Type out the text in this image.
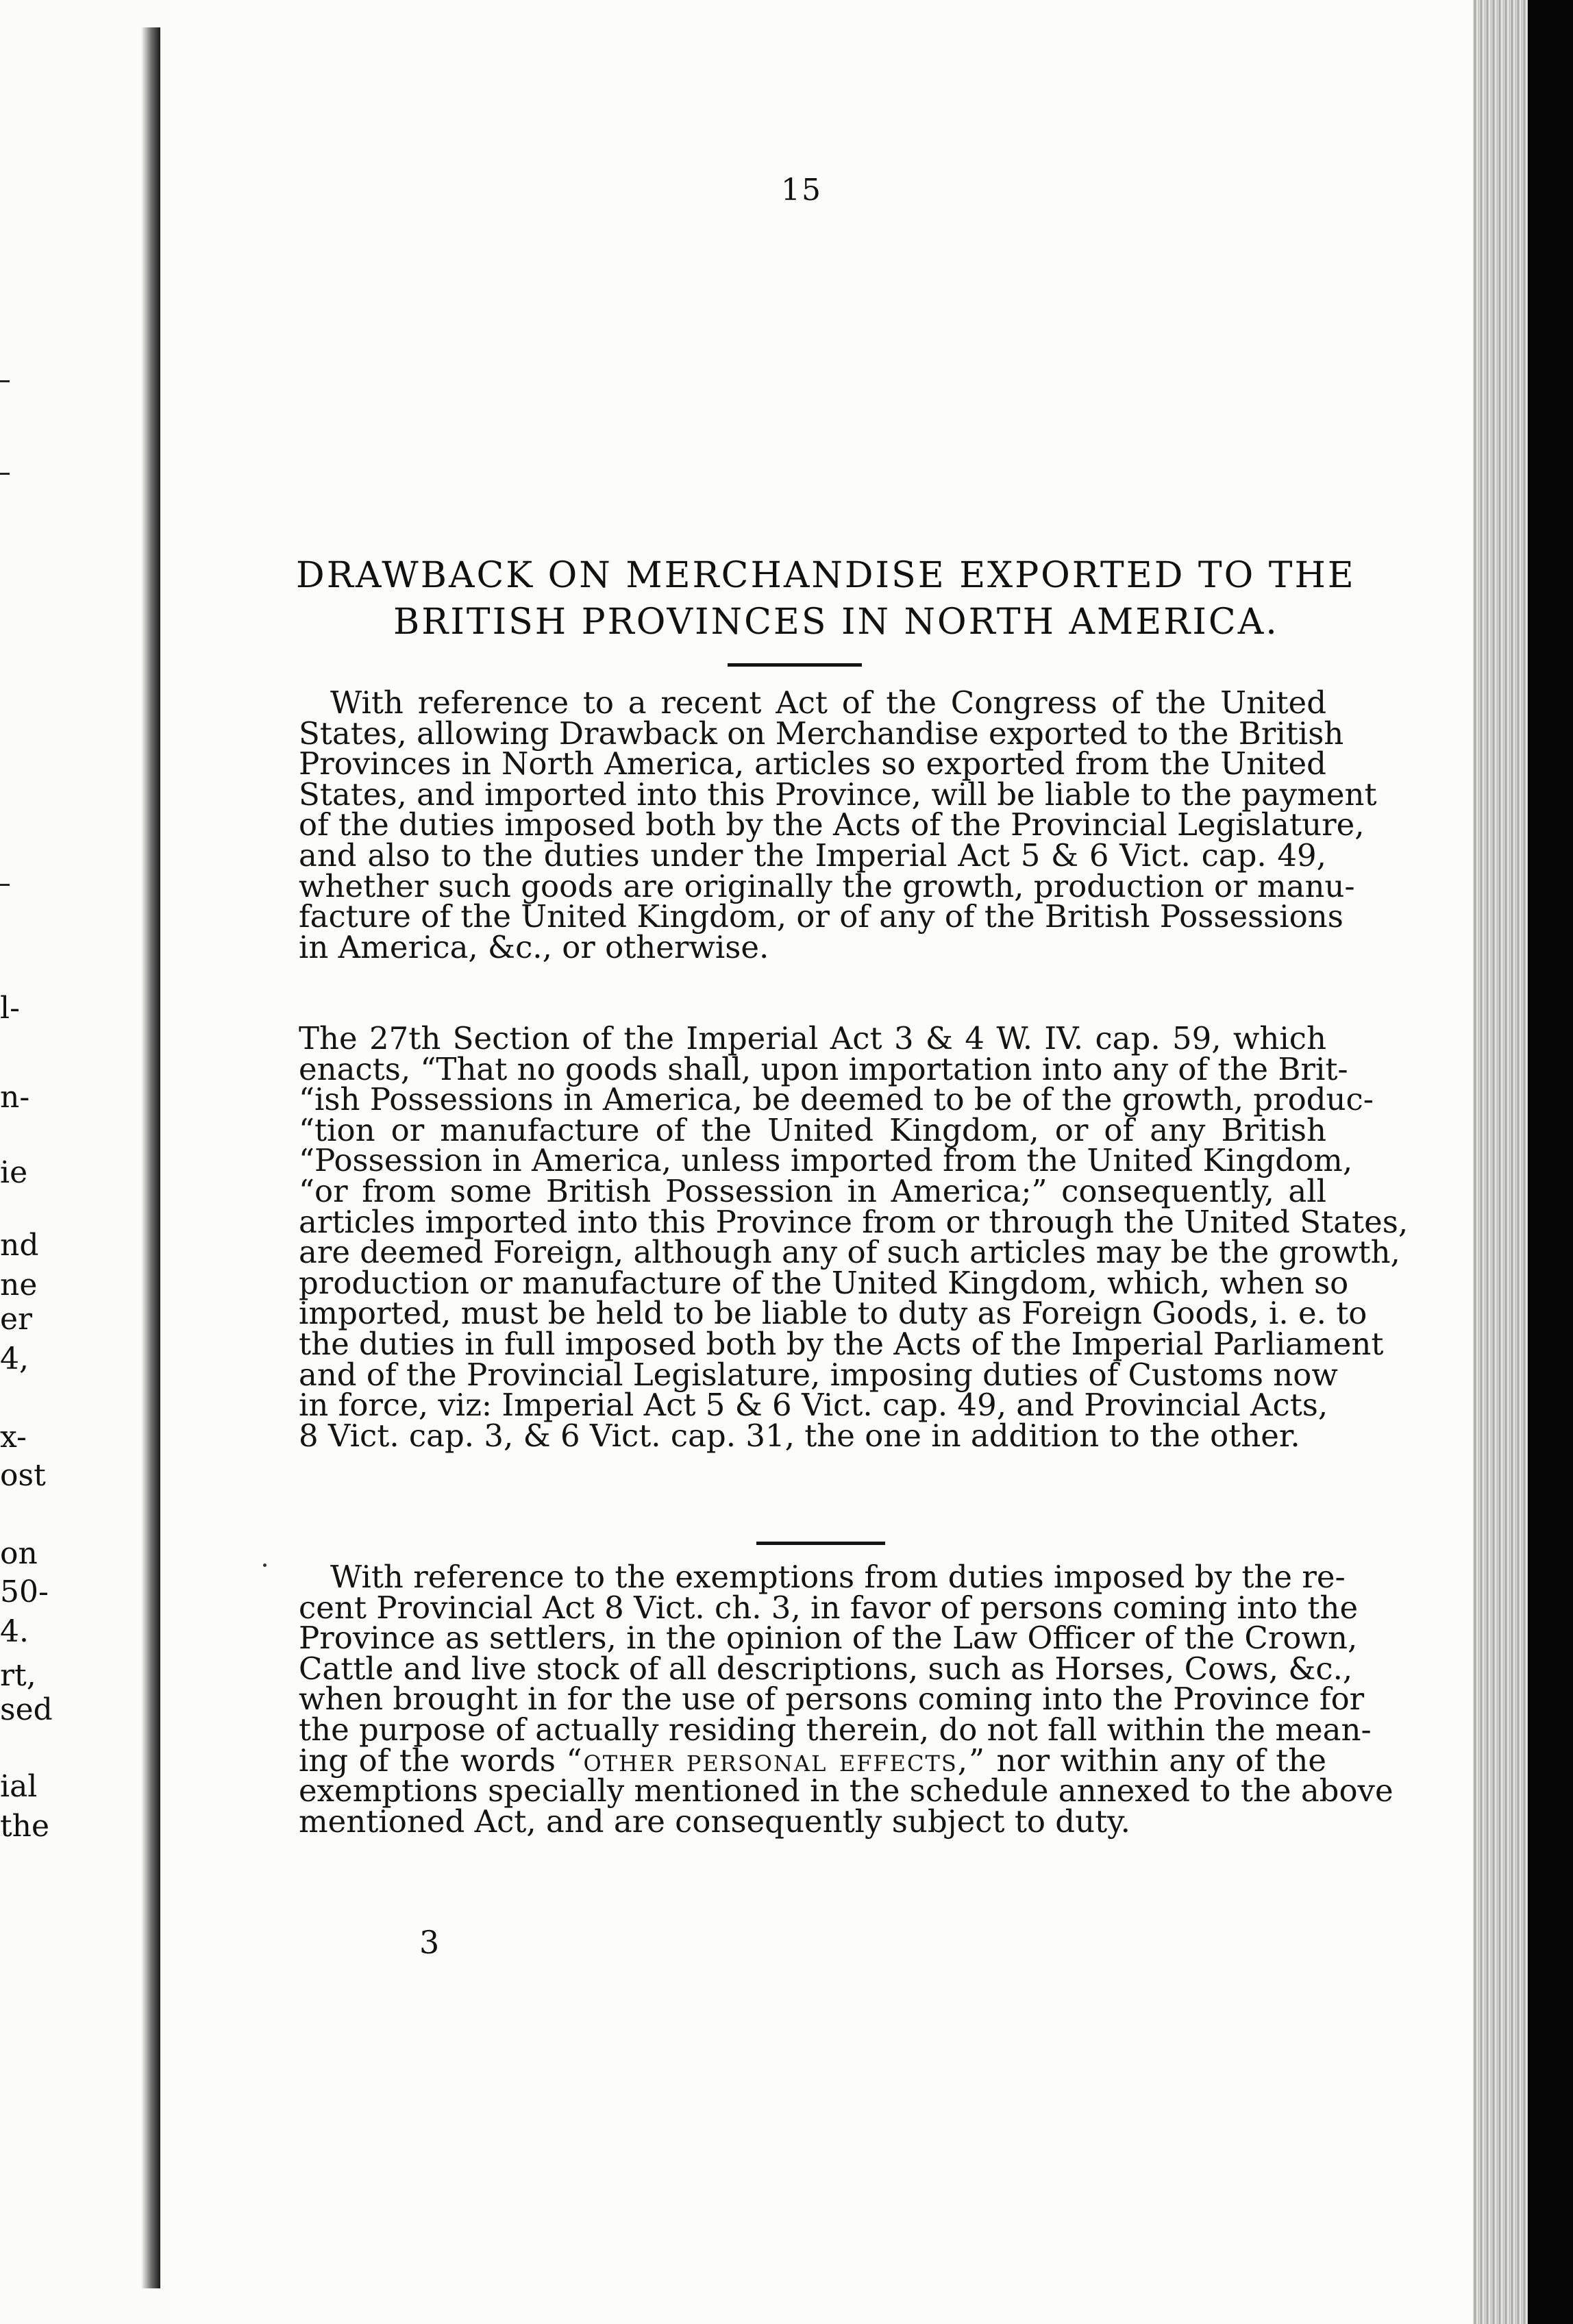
l-
n-
ie
nd
ne
er
4,
x-
ost
on
50-
4.
rt,
sed
ial
the
15
DRAWBACK ON MERCHANDISE EXPORTED TO THE
BRITISH PROVINCES IN NORTH AMERICA.
With reference to a recent Act of the Congress of the United
States, allowing Drawback on Merchandise exported to the British
Provinces in North America, articles so exported from the United
States, and imported into this Province, will be liable to the payment
of the duties imposed both by the Acts of the Provincial Legislature,
and also to the duties under the Imperial Act 5 & 6 Vict. cap. 49,
whether such goods are originally the growth, production or manu-
facture of the United Kingdom, or of any of the British Possessions
in America, &c., or otherwise.
The 27th Section of the Imperial Act 3 & 4 W. IV. cap. 59, which
enacts, “That no goods shall, upon importation into any of the Brit-
“ish Possessions in America, be deemed to be of the growth, produc-
“tion or manufacture of the United Kingdom, or of any British
“Possession in America, unless imported from the United Kingdom,
“or from some British Possession in America;” consequently, all
articles imported into this Province from or through the United States,
are deemed Foreign, although any of such articles may be the growth,
production or manufacture of the United Kingdom, which, when so
imported, must be held to be liable to duty as Foreign Goods, i. e. to
the duties in full imposed both by the Acts of the Imperial Parliament
and of the Provincial Legislature, imposing duties of Customs now
in force, viz: Imperial Act 5 & 6 Vict. cap. 49, and Provincial Acts,
8 Vict. cap. 3, & 6 Vict. cap. 31, the one in addition to the other.
With reference to the exemptions from duties imposed by the re-
cent Provincial Act 8 Vict. ch. 3, in favor of persons coming into the
Province as settlers, in the opinion of the Law Officer of the Crown,
Cattle and live stock of all descriptions, such as Horses, Cows, &c.,
when brought in for the use of persons coming into the Province for
the purpose of actually residing therein, do not fall within the mean-
ing of the words “other personal effects,” nor within any of the
exemptions specially mentioned in the schedule annexed to the above
mentioned Act, and are consequently subject to duty.
3
